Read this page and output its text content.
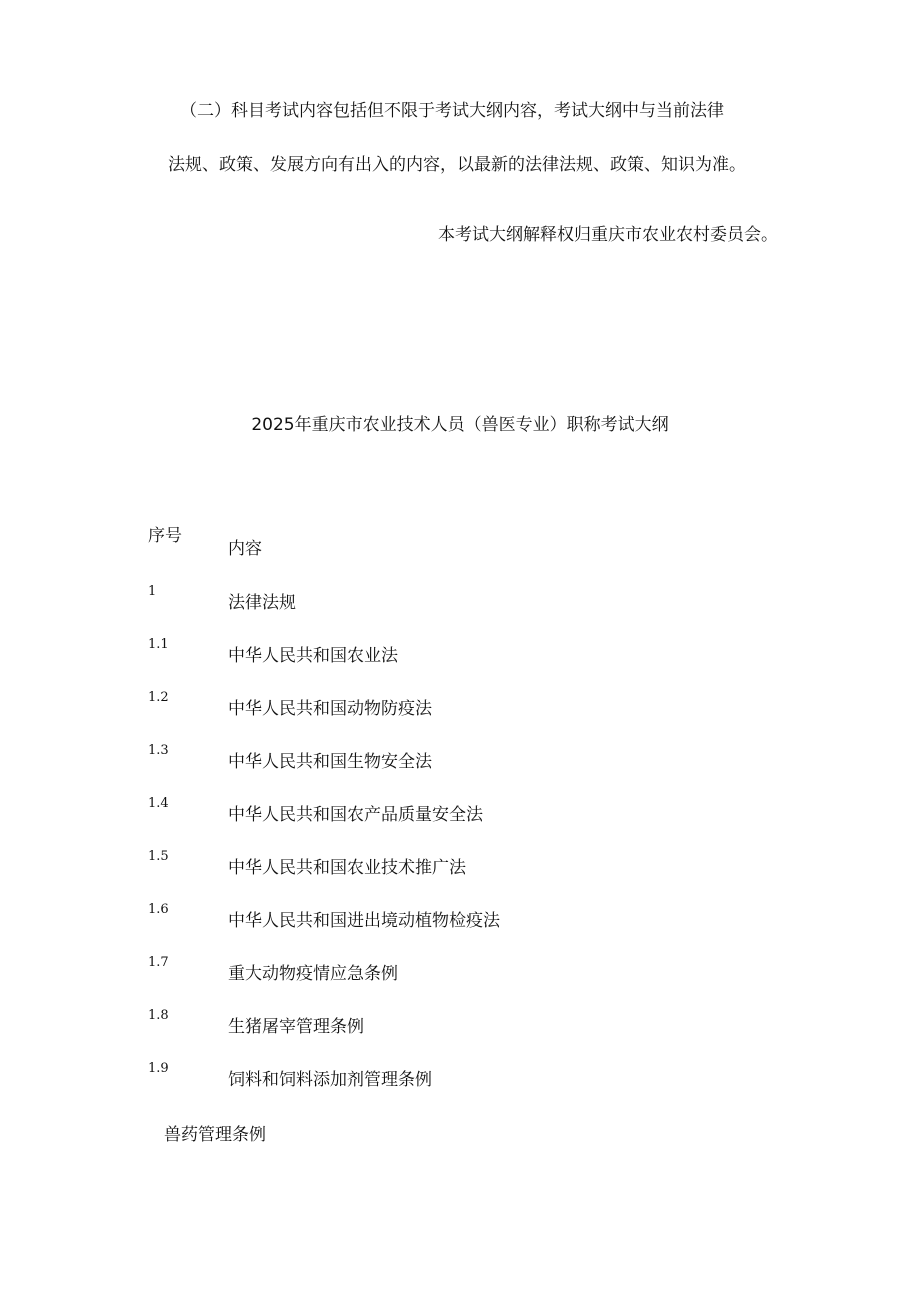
（二）科目考试内容包括但不限于考试大纲内容，考试大纲中与当前法律
法规、政策、发展方向有出入的内容，以最新的法律法规、政策、知识为准。
本考试大纲解释权归重庆市农业农村委员会。
2025年重庆市农业技术人员（兽医专业）职称考试大纲
序号
内容
1
法律法规
1.1
中华人民共和国农业法
1.2
中华人民共和国动物防疫法
1.3
中华人民共和国生物安全法
1.4
中华人民共和国农产品质量安全法
1.5
中华人民共和国农业技术推广法
1.6
中华人民共和国进出境动植物检疫法
1.7
重大动物疫情应急条例
1.8
生猪屠宰管理条例
1.9
饲料和饲料添加剂管理条例
兽药管理条例
